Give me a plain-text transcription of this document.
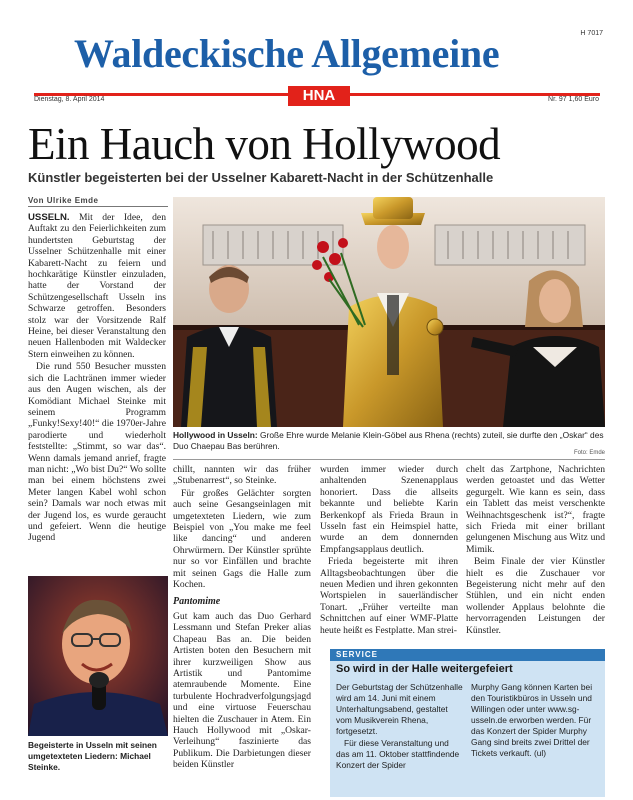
Waldeckische Allgemeine	H 7017
Dienstag, 8. April 2014	HNA	Nr. 97 1,60 Euro
Ein Hauch von Hollywood
Künstler begeisterten bei der Usselner Kabarett-Nacht in der Schützenhalle
Von Ulrike Emde

USSELN. Mit der Idee, den Auftakt zu den Feierlichkeiten zum hundertsten Geburtstag der Usselner Schützenhalle mit einer Kabarett-Nacht zu feiern und hochkarätige Künstler einzuladen, hatte der Vorstand der Schützengesellschaft Usseln ins Schwarze getroffen. Besonders stolz war der Vorsitzende Ralf Heine, bei dieser Veranstaltung den neuen Hallenboden mit Waldecker Stern einweihen zu können.

Die rund 550 Besucher mussten sich die Lachtränen immer wieder aus den Augen wischen, als der Komödiant Michael Steinke mit seinem Programm „Funky!Sexy!40!“ die 1970er-Jahre parodierte und wiederholt feststellte: „Stimmt, so war das“. Wenn damals jemand anrief, fragte man nicht: „Wo bist Du?“ Wo sollte man bei einem höchstens zwei Meter langen Kabel wohl schon sein? Damals war noch etwas mit der Jugend los, es wurde geraucht und gefeiert. Wenn die heutige Jugend

Hollywood in Usseln: Große Ehre wurde Melanie Klein-Göbel aus Rhena (rechts) zuteil, sie durfte den „Oskar“ des Duo Chaepau Bas berühren.
Foto: Emde

chillt, nannten wir das früher „Stubenarrest“, so Steinke.

Für großes Gelächter sorgten auch seine Gesangseinlagen mit umgetexteten Liedern, wie zum Beispiel von „You make me feel like dancing“ und anderen Ohrwürmern. Der Künstler sprühte nur so vor Einfällen und brachte mit seinen Gags die Halle zum Kochen.

Pantomime

Gut kam auch das Duo Gerhard Lessmann und Stefan Preker alias Chapeau Bas an. Die beiden Artisten boten den Besuchern mit ihrer kurzweiligen Show aus Artistik und Pantomime atemraubende Momente. Eine turbulente Hochradverfolgungsjagd und eine virtuose Feuerschau hielten die Zuschauer in Atem. Ein Hauch Hollywood mit „Oskar-Verleihung“ faszinierte das Publikum. Die Darbietungen dieser beiden Künstler

wurden immer wieder durch anhaltenden Szenenapplaus honoriert. Dass die allseits bekannte und beliebte Karin Berkenkopf als Frieda Braun in Usseln fast ein Heimspiel hatte, wurde an dem donnernden Empfangsapplaus deutlich.

Frieda begeisterte mit ihren Alltagsbeobachtungen über die neuen Medien und ihren gekonnten Wortspielen in sauerländischer Tonart. „Früher verteilte man Schnittchen auf einer WMF-Platte heute heißt es Festplatte. Man strei-

chelt das Zartphone, Nachrichten werden getoastet und das Wetter gegurgelt. Wie kann es sein, dass ein Tablett das meist verschenkte Weihnachtsgeschenk ist?“, fragte sich Frieda mit einer brillant gelungenen Mischung aus Witz und Mimik.

Beim Finale der vier Künstler hielt es die Zuschauer vor Begeisterung nicht mehr auf den Stühlen, und ein nicht enden wollender Applaus belohnte die hervorragenden Leistungen der Künstler.

Begeisterte in Usseln mit seinen umgetexteten Liedern: Michael Steinke.
SERVICE
So wird in der Halle weitergefeiert

Der Geburtstag der Schützenhalle wird am 14. Juni mit einem Unterhaltungsabend, gestaltet vom Musikverein Rhena, fortgesetzt.

Für diese Veranstaltung und das am 11. Oktober stattfindende Konzert der Spider

Murphy Gang können Karten bei den Touristikbüros in Usseln und Willingen oder unter www.sg-usseln.de erworben werden. Für das Konzert der Spider Murphy Gang sind breits zwei Drittel der Tickets verkauft. (ul)
